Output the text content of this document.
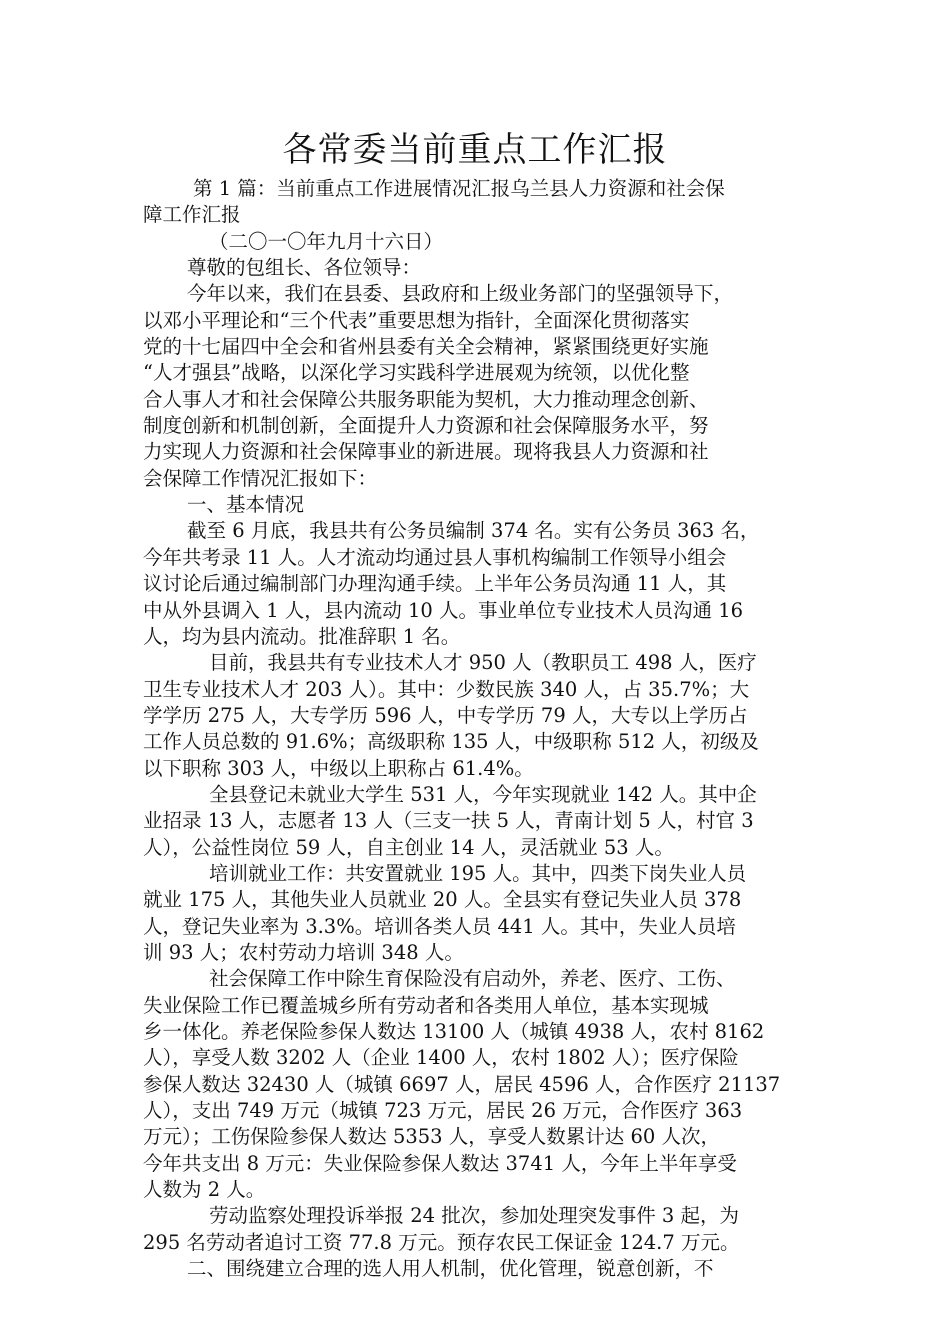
各常委当前重点工作汇报
第 1 篇：当前重点工作进展情况汇报乌兰县人力资源和社会保
障工作汇报
（二〇一〇年九月十六日）
尊敬的包组长、各位领导：
今年以来，我们在县委、县政府和上级业务部门的坚强领导下，
以邓小平理论和“三个代表”重要思想为指针，全面深化贯彻落实
党的十七届四中全会和省州县委有关全会精神，紧紧围绕更好实施
“人才强县”战略，以深化学习实践科学进展观为统领，以优化整
合人事人才和社会保障公共服务职能为契机，大力推动理念创新、
制度创新和机制创新，全面提升人力资源和社会保障服务水平，努
力实现人力资源和社会保障事业的新进展。现将我县人力资源和社
会保障工作情况汇报如下：
一、基本情况
截至 6 月底，我县共有公务员编制 374 名。实有公务员 363 名，
今年共考录 11 人。人才流动均通过县人事机构编制工作领导小组会
议讨论后通过编制部门办理沟通手续。上半年公务员沟通 11 人，其
中从外县调入 1 人，县内流动 10 人。事业单位专业技术人员沟通 16
人，均为县内流动。批准辞职 1 名。
目前，我县共有专业技术人才 950 人（教职员工 498 人，医疗
卫生专业技术人才 203 人）。其中：少数民族 340 人，占 35.7%；大
学学历 275 人，大专学历 596 人，中专学历 79 人，大专以上学历占
工作人员总数的 91.6%；高级职称 135 人，中级职称 512 人，初级及
以下职称 303 人，中级以上职称占 61.4%。
全县登记未就业大学生 531 人，今年实现就业 142 人。其中企
业招录 13 人，志愿者 13 人（三支一扶 5 人，青南计划 5 人，村官 3
人），公益性岗位 59 人，自主创业 14 人，灵活就业 53 人。
培训就业工作：共安置就业 195 人。其中，四类下岗失业人员
就业 175 人，其他失业人员就业 20 人。全县实有登记失业人员 378
人，登记失业率为 3.3%。培训各类人员 441 人。其中，失业人员培
训 93 人；农村劳动力培训 348 人。
社会保障工作中除生育保险没有启动外，养老、医疗、工伤、
失业保险工作已覆盖城乡所有劳动者和各类用人单位，基本实现城
乡一体化。养老保险参保人数达 13100 人（城镇 4938 人，农村 8162
人），享受人数 3202 人（企业 1400 人，农村 1802 人）；医疗保险
参保人数达 32430 人（城镇 6697 人，居民 4596 人，合作医疗 21137
人），支出 749 万元（城镇 723 万元，居民 26 万元，合作医疗 363
万元）；工伤保险参保人数达 5353 人，享受人数累计达 60 人次，
今年共支出 8 万元：失业保险参保人数达 3741 人，今年上半年享受
人数为 2 人。
劳动监察处理投诉举报 24 批次，参加处理突发事件 3 起，为
295 名劳动者追讨工资 77.8 万元。预存农民工保证金 124.7 万元。
二、围绕建立合理的选人用人机制，优化管理，锐意创新，不
